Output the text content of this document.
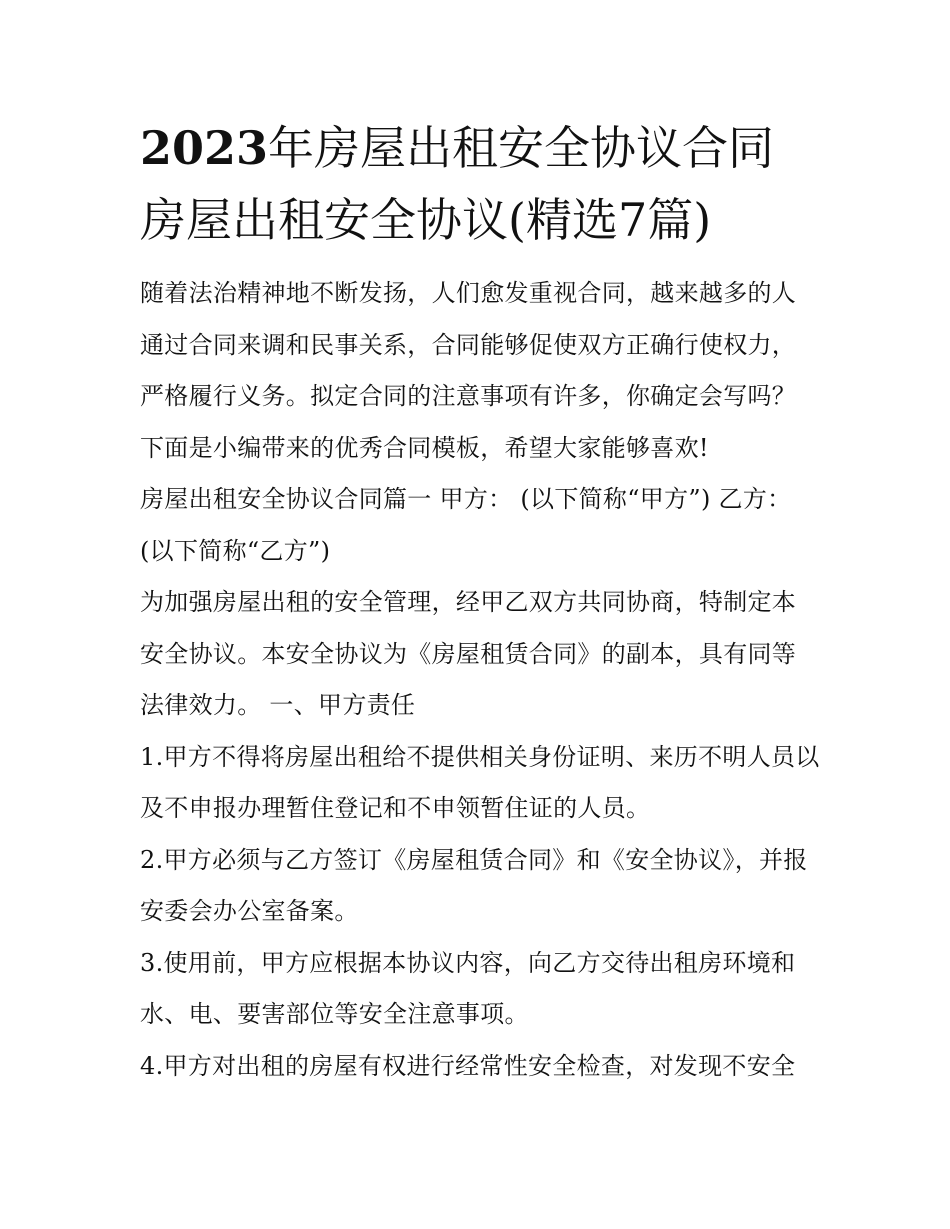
2023年房屋出租安全协议合同
房屋出租安全协议(精选7篇)

随着法治精神地不断发扬，人们愈发重视合同，越来越多的人通过合同来调和民事关系，合同能够促使双方正确行使权力，严格履行义务。拟定合同的注意事项有许多，你确定会写吗？下面是小编带来的优秀合同模板，希望大家能够喜欢!

房屋出租安全协议合同篇一 甲方： (以下简称“甲方”) 乙方： (以下简称“乙方”)

为加强房屋出租的安全管理，经甲乙双方共同协商，特制定本安全协议。本安全协议为《房屋租赁合同》的副本，具有同等法律效力。 一、甲方责任

1.甲方不得将房屋出租给不提供相关身份证明、来历不明人员以及不申报办理暂住登记和不申领暂住证的人员。

2.甲方必须与乙方签订《房屋租赁合同》和《安全协议》，并报安委会办公室备案。

3.使用前，甲方应根据本协议内容，向乙方交待出租房环境和水、电、要害部位等安全注意事项。

4.甲方对出租的房屋有权进行经常性安全检查，对发现不安全
